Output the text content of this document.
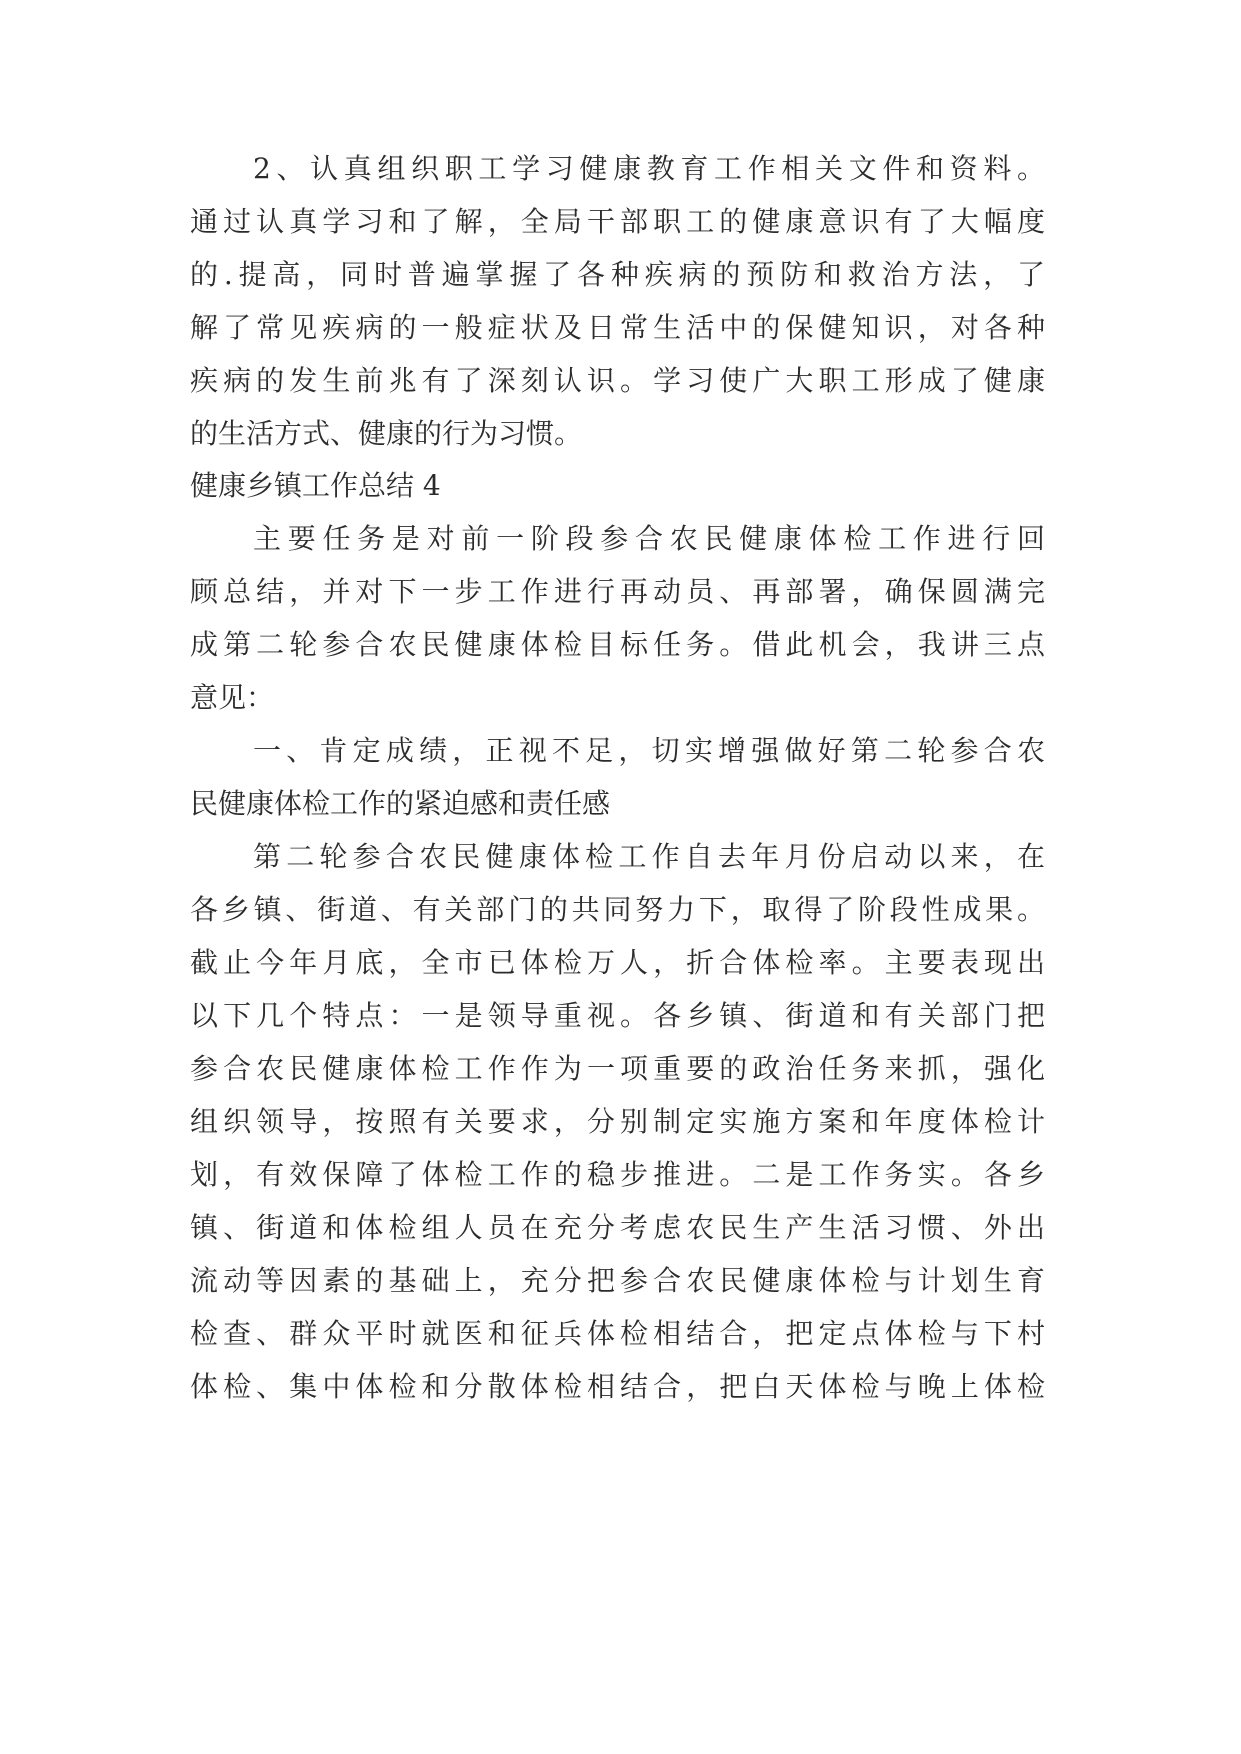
2、认真组织职工学习健康教育工作相关文件和资料。
通过认真学习和了解，全局干部职工的健康意识有了大幅度
的.提高，同时普遍掌握了各种疾病的预防和救治方法，了
解了常见疾病的一般症状及日常生活中的保健知识，对各种
疾病的发生前兆有了深刻认识。学习使广大职工形成了健康
的生活方式、健康的行为习惯。
健康乡镇工作总结 4
主要任务是对前一阶段参合农民健康体检工作进行回
顾总结，并对下一步工作进行再动员、再部署，确保圆满完
成第二轮参合农民健康体检目标任务。借此机会，我讲三点
意见：
一、肯定成绩，正视不足，切实增强做好第二轮参合农
民健康体检工作的紧迫感和责任感
第二轮参合农民健康体检工作自去年月份启动以来，在
各乡镇、街道、有关部门的共同努力下，取得了阶段性成果。
截止今年月底，全市已体检万人，折合体检率。主要表现出
以下几个特点：一是领导重视。各乡镇、街道和有关部门把
参合农民健康体检工作作为一项重要的政治任务来抓，强化
组织领导，按照有关要求，分别制定实施方案和年度体检计
划，有效保障了体检工作的稳步推进。二是工作务实。各乡
镇、街道和体检组人员在充分考虑农民生产生活习惯、外出
流动等因素的基础上，充分把参合农民健康体检与计划生育
检查、群众平时就医和征兵体检相结合，把定点体检与下村
体检、集中体检和分散体检相结合，把白天体检与晚上体检
